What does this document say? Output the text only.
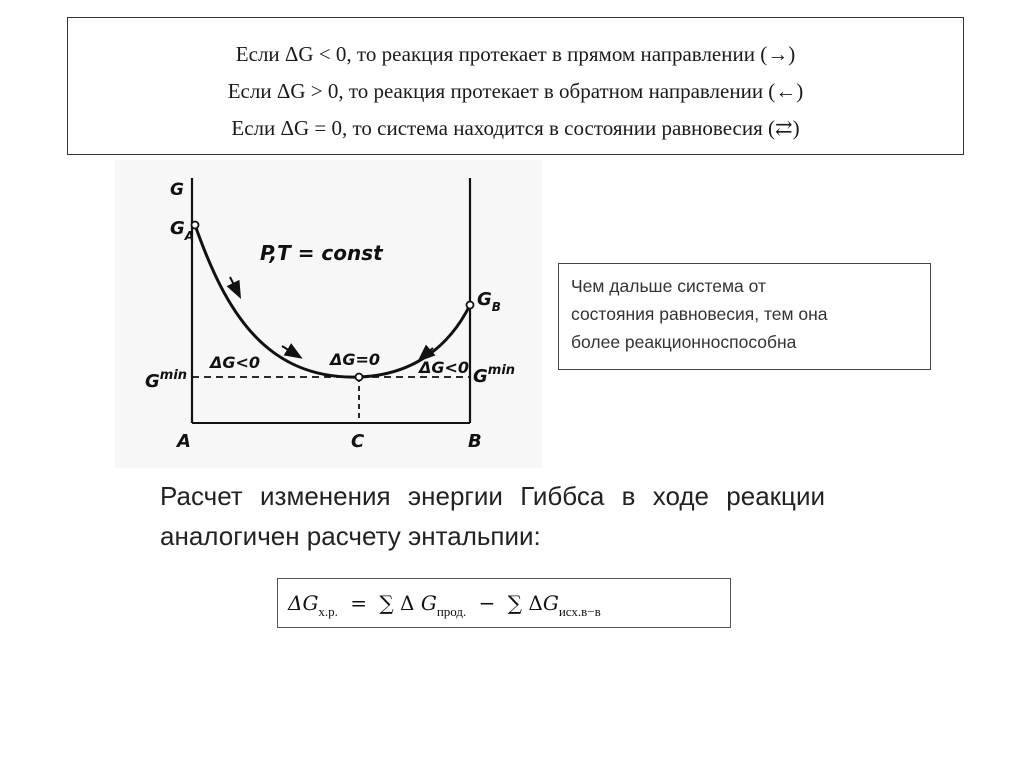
Если ΔG < 0, то реакция протекает в прямом направлении (→)
Если ΔG > 0, то реакция протекает в обратном направлении (←)
Если ΔG = 0, то система находится в состоянии равновесия (⇄)
G
$G_A$
$G_B$
$G^{min}$	$G^{min}$
P,T = const
ΔG<0	ΔG=0 ΔG<0
A	C	B
Чем дальше система от
состояния равновесия, тем она
более реакционноспособна
Расчет изменения энергии Гиббса в ходе реакции аналогичен расчету энтальпии:
$\Delta G_{х.р.}$ = ∑ Δ $G_{прод.}$ − ∑ $\Delta G_{исх.в-в}$
